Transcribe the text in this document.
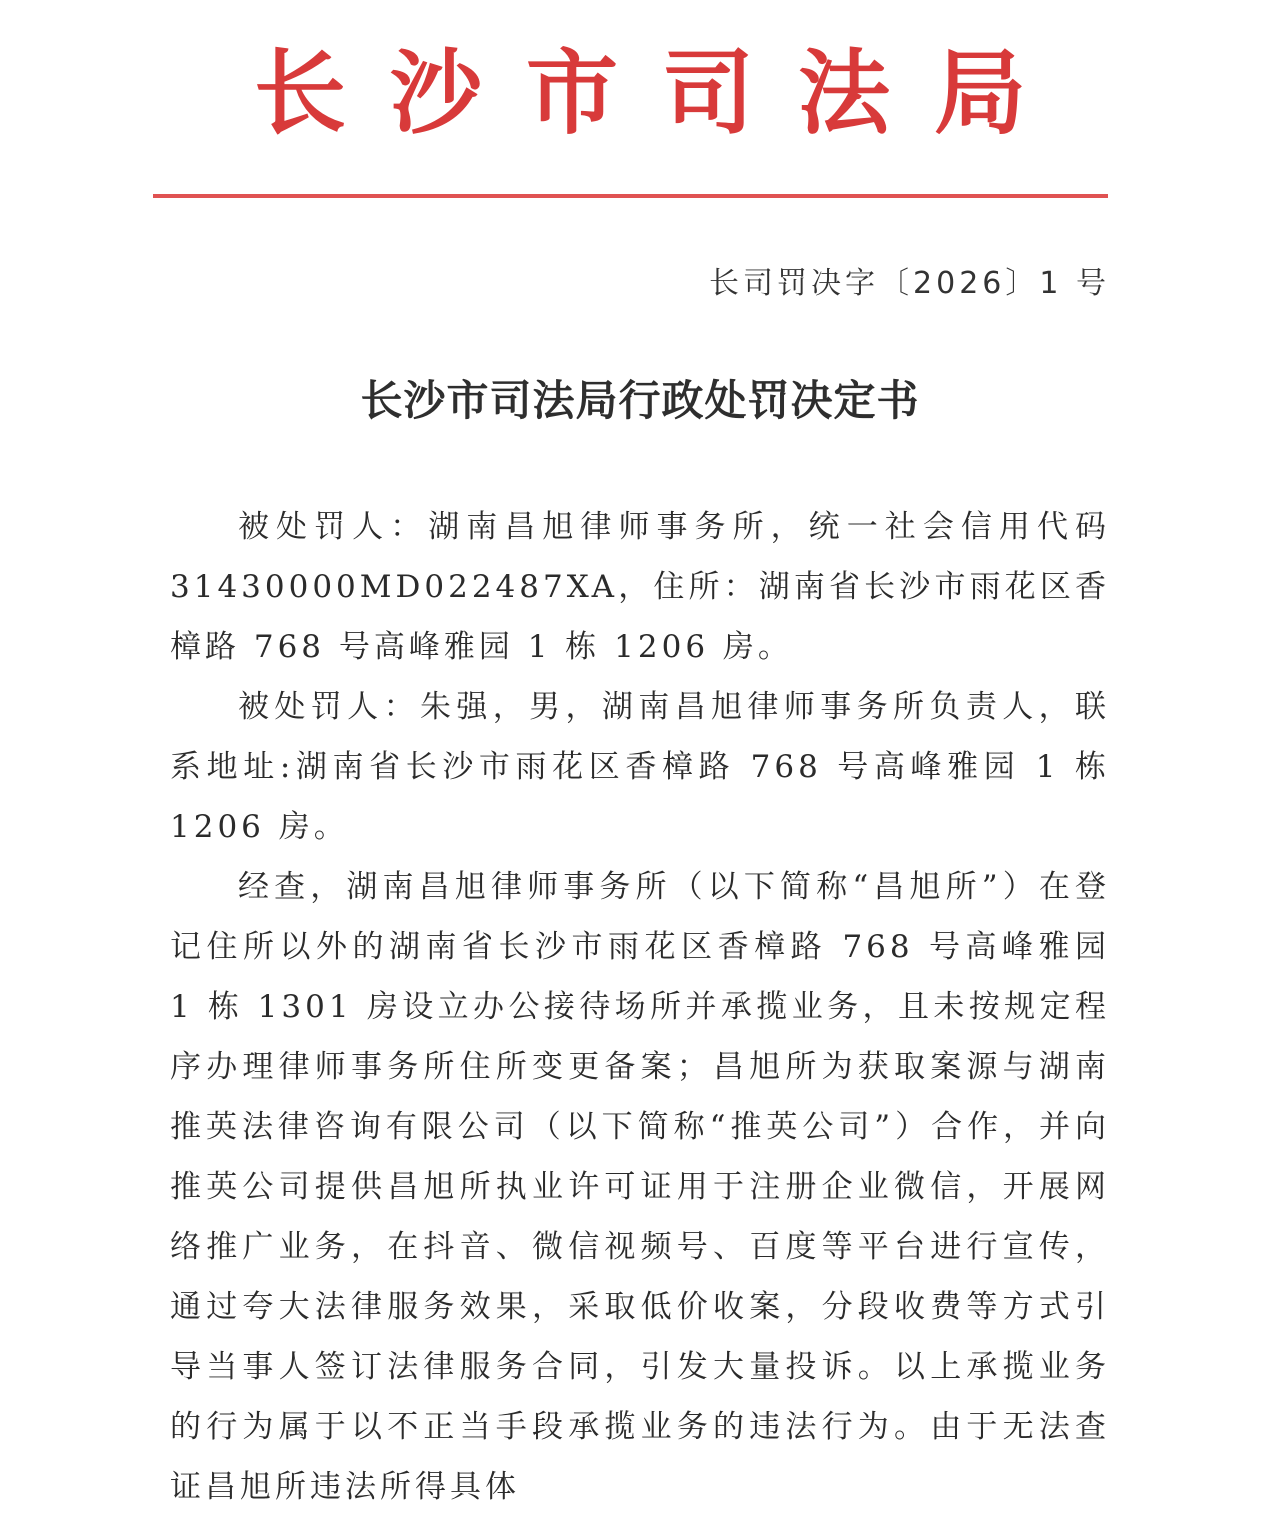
长沙市司法局
长司罚决字〔2026〕1 号
长沙市司法局行政处罚决定书

被处罚人：湖南昌旭律师事务所，统一社会信用代码31430000MD022487XA，住所：湖南省长沙市雨花区香樟路 768 号高峰雅园 1 栋 1206 房。

被处罚人：朱强，男，湖南昌旭律师事务所负责人，联系地址:湖南省长沙市雨花区香樟路 768 号高峰雅园 1 栋 1206 房。

经查，湖南昌旭律师事务所（以下简称“昌旭所”）在登记住所以外的湖南省长沙市雨花区香樟路 768 号高峰雅园 1 栋 1301 房设立办公接待场所并承揽业务，且未按规定程序办理律师事务所住所变更备案；昌旭所为获取案源与湖南推英法律咨询有限公司（以下简称“推英公司”）合作，并向推英公司提供昌旭所执业许可证用于注册企业微信，开展网络推广业务，在抖音、微信视频号、百度等平台进行宣传，通过夸大法律服务效果，采取低价收案，分段收费等方式引导当事人签订法律服务合同，引发大量投诉。以上承揽业务的行为属于以不正当手段承揽业务的违法行为。由于无法查证昌旭所违法所得具体
